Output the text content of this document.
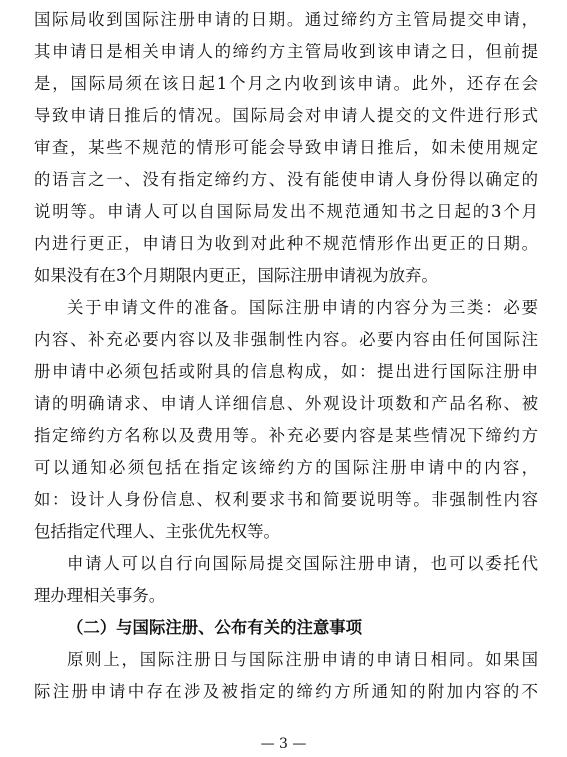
国际局收到国际注册申请的日期。通过缔约方主管局提交申请，
其申请日是相关申请人的缔约方主管局收到该申请之日，但前提
是，国际局须在该日起1个月之内收到该申请。此外，还存在会
导致申请日推后的情况。国际局会对申请人提交的文件进行形式
审查，某些不规范的情形可能会导致申请日推后，如未使用规定
的语言之一、没有指定缔约方、没有能使申请人身份得以确定的
说明等。申请人可以自国际局发出不规范通知书之日起的3个月
内进行更正，申请日为收到对此种不规范情形作出更正的日期。
如果没有在3个月期限内更正，国际注册申请视为放弃。
关于申请文件的准备。国际注册申请的内容分为三类：必要
内容、补充必要内容以及非强制性内容。必要内容由任何国际注
册申请中必须包括或附具的信息构成，如：提出进行国际注册申
请的明确请求、申请人详细信息、外观设计项数和产品名称、被
指定缔约方名称以及费用等。补充必要内容是某些情况下缔约方
可以通知必须包括在指定该缔约方的国际注册申请中的内容，
如：设计人身份信息、权利要求书和简要说明等。非强制性内容
包括指定代理人、主张优先权等。
申请人可以自行向国际局提交国际注册申请，也可以委托代
理办理相关事务。
（二）与国际注册、公布有关的注意事项
原则上，国际注册日与国际注册申请的申请日相同。如果国
际注册申请中存在涉及被指定的缔约方所通知的附加内容的不
— 3 —
